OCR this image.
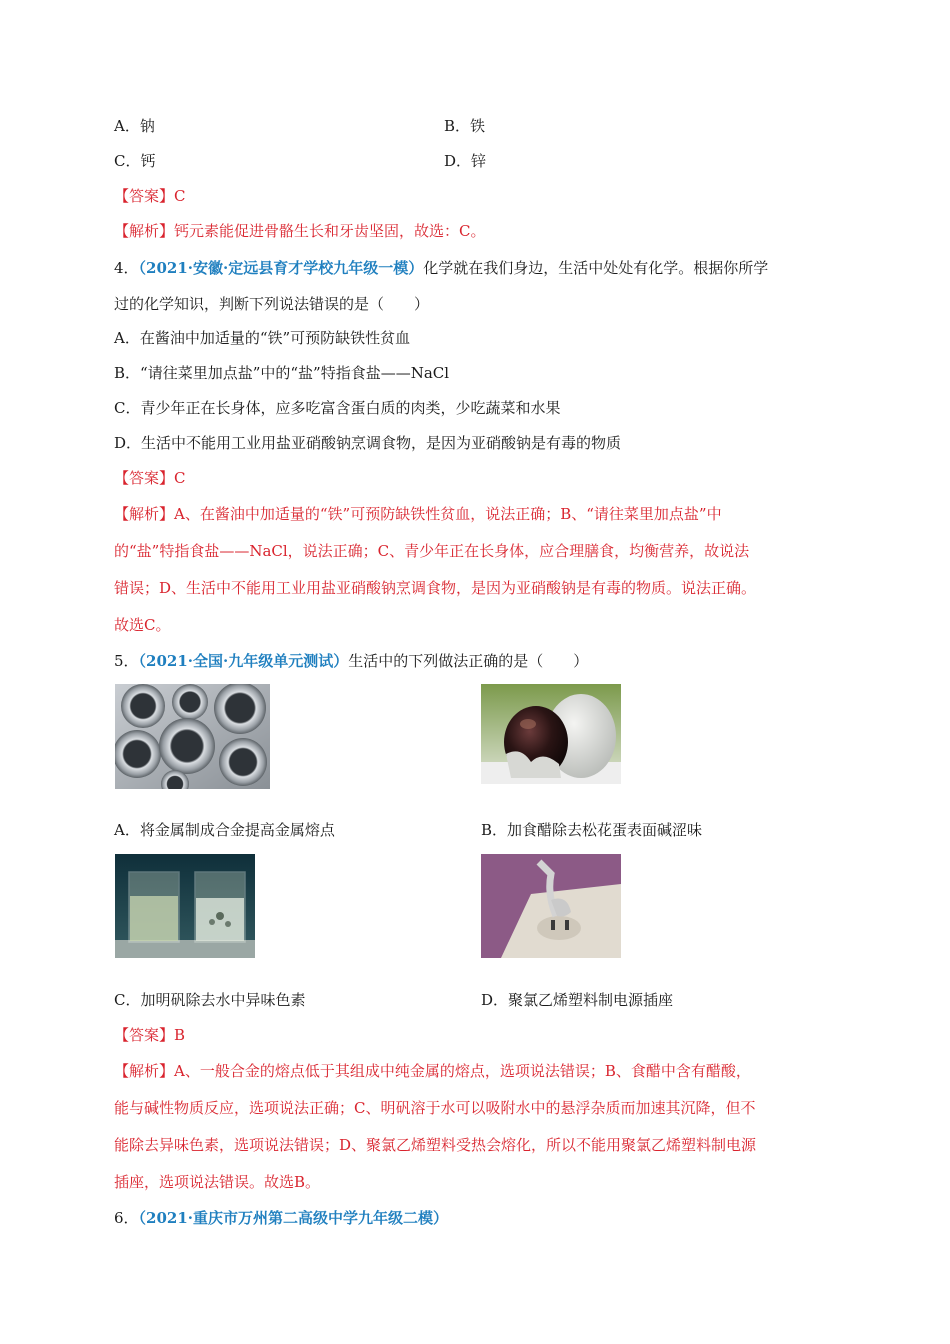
A．钠	B．铁
C．钙	D．锌
【答案】C
【解析】钙元素能促进骨骼生长和牙齿坚固，故选：C。
4．（2021·安徽·定远县育才学校九年级一模）化学就在我们身边，生活中处处有化学。根据你所学
过的化学知识，判断下列说法错误的是（　　）
A．在酱油中加适量的“铁”可预防缺铁性贫血
B．“请往菜里加点盐”中的“盐”特指食盐——NaCl
C．青少年正在长身体，应多吃富含蛋白质的肉类，少吃蔬菜和水果
D．生活中不能用工业用盐亚硝酸钠烹调食物，是因为亚硝酸钠是有毒的物质
【答案】C
【解析】A、在酱油中加适量的“铁”可预防缺铁性贫血，说法正确；B、“请往菜里加点盐”中
的“盐”特指食盐——NaCl，说法正确；C、青少年正在长身体，应合理膳食，均衡营养，故说法
错误；D、生活中不能用工业用盐亚硝酸钠烹调食物，是因为亚硝酸钠是有毒的物质。说法正确。
故选C。
5．（2021·全国·九年级单元测试）生活中的下列做法正确的是（　　）
A．将金属制成合金提高金属熔点	B．加食醋除去松花蛋表面碱涩味
C．加明矾除去水中异味色素	D．聚氯乙烯塑料制电源插座
【答案】B
【解析】A、一般合金的熔点低于其组成中纯金属的熔点，选项说法错误；B、食醋中含有醋酸，
能与碱性物质反应，选项说法正确；C、明矾溶于水可以吸附水中的悬浮杂质而加速其沉降，但不
能除去异味色素，选项说法错误；D、聚氯乙烯塑料受热会熔化，所以不能用聚氯乙烯塑料制电源
插座，选项说法错误。故选B。
6．（2021·重庆市万州第二高级中学九年级二模）
